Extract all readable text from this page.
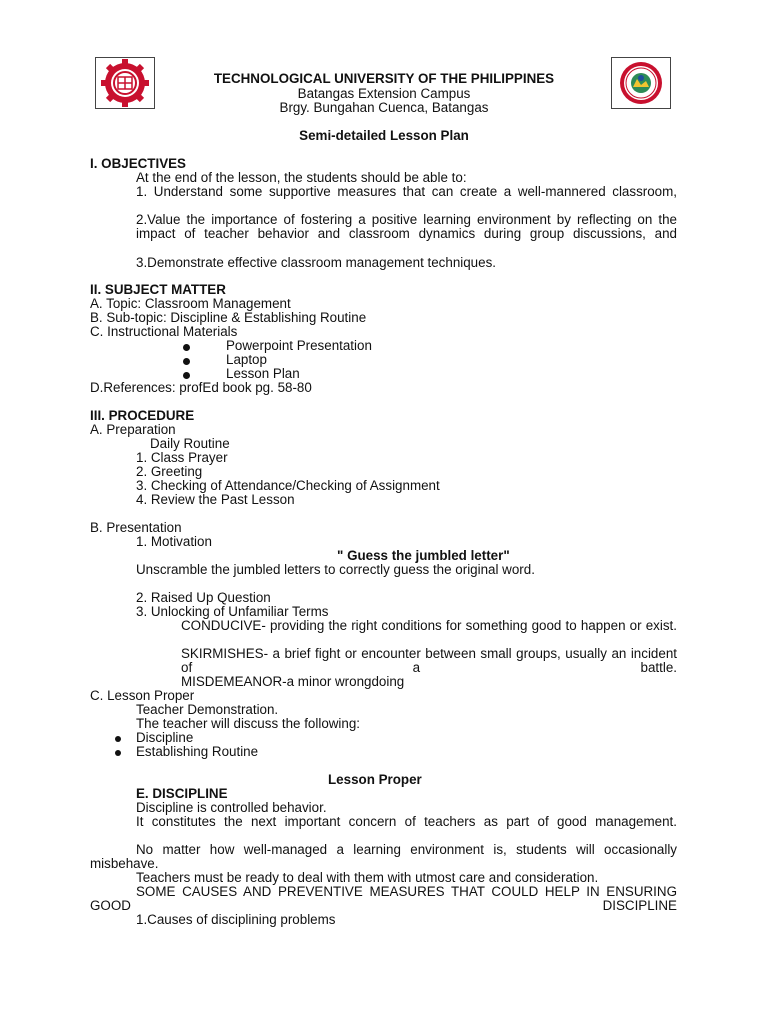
TECHNOLOGICAL UNIVERSITY OF THE PHILIPPINES
Batangas Extension Campus
Brgy. Bungahan Cuenca, Batangas
Semi-detailed Lesson Plan
I. OBJECTIVES
At the end of the lesson, the students should be able to:
1. Understand some supportive measures that can create a well-mannered classroom,
2.Value the importance of fostering a positive learning environment by reflecting on the impact of teacher behavior and classroom dynamics during group discussions, and
3.Demonstrate effective classroom management techniques.
II. SUBJECT MATTER
A. Topic: Classroom Management
B. Sub-topic: Discipline & Establishing Routine
C. Instructional Materials
Powerpoint Presentation
Laptop
Lesson Plan
D.References: profEd book pg. 58-80
III. PROCEDURE
A. Preparation
Daily Routine
1. Class Prayer
2. Greeting
3. Checking of Attendance/Checking of Assignment
4. Review the Past Lesson
B. Presentation
1. Motivation
" Guess the jumbled letter"
Unscramble the jumbled letters to correctly guess the original word.
2. Raised Up Question
3. Unlocking of Unfamiliar Terms
CONDUCIVE- providing the right conditions for something good to happen or exist.
SKIRMISHES- a brief fight or encounter between small groups, usually an incident of a battle.
MISDEMEANOR-a minor wrongdoing
C. Lesson Proper
Teacher Demonstration.
The teacher will discuss the following:
Discipline
Establishing Routine
Lesson Proper
E. DISCIPLINE
Discipline is controlled behavior.
It constitutes the next important concern of teachers as part of good management.
No matter how well-managed a learning environment is, students will occasionally misbehave.
Teachers must be ready to deal with them with utmost care and consideration.
SOME CAUSES AND PREVENTIVE MEASURES THAT COULD HELP IN ENSURING GOOD DISCIPLINE
1.Causes of disciplining problems
